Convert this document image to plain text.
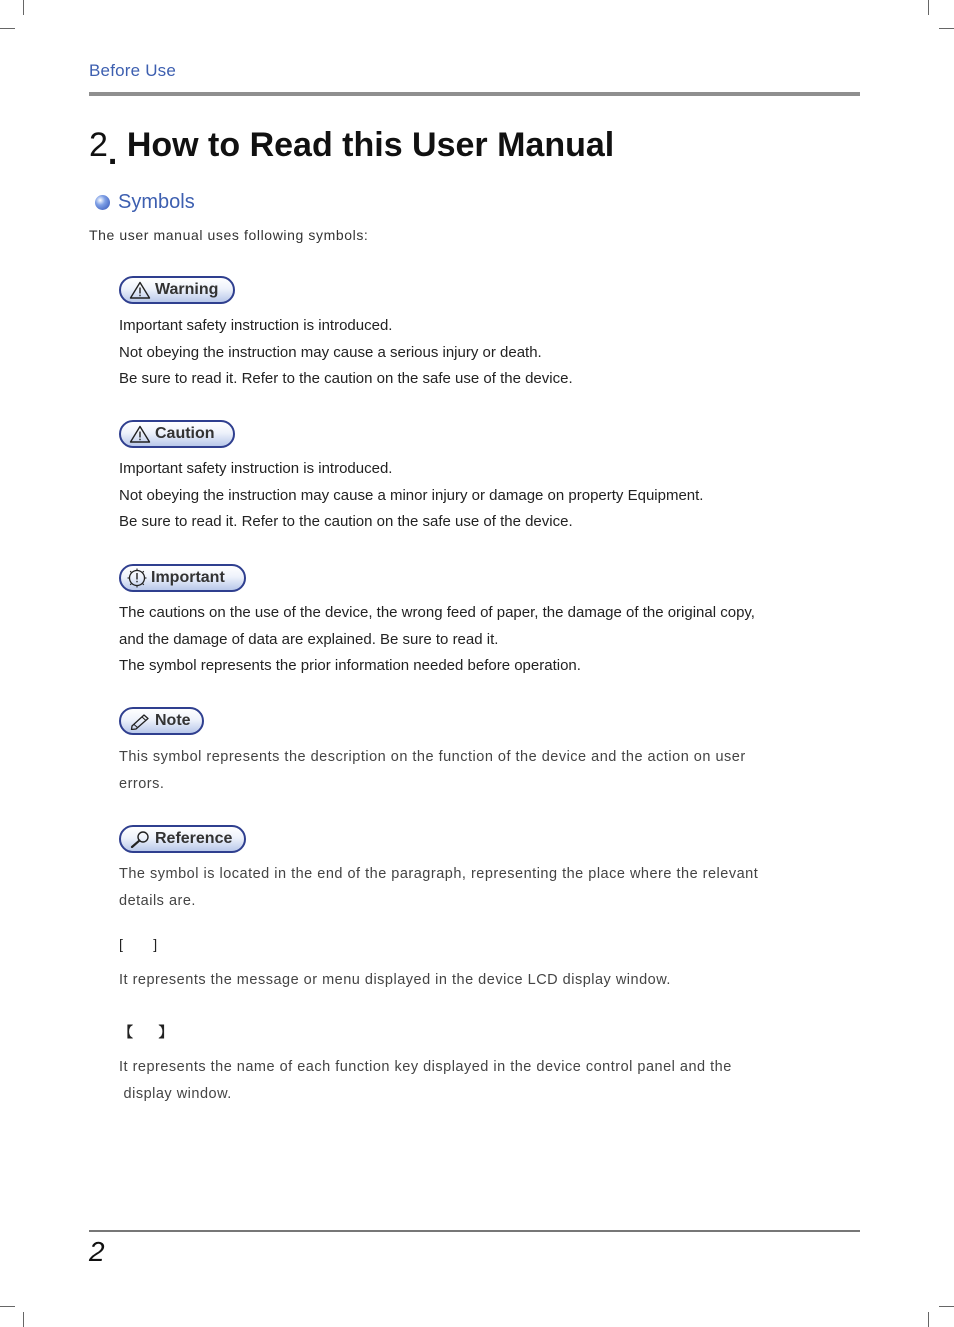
Before Use
2. How to Read this User Manual
Symbols
The user manual uses following symbols:
Warning
Important safety instruction is introduced.
Not obeying the instruction may cause a serious injury or death.
Be sure to read it. Refer to the caution on the safe use of the device.
Caution
Important safety instruction is introduced.
Not obeying the instruction may cause a minor injury or damage on property Equipment.
Be sure to read it. Refer to the caution on the safe use of the device.
Important
The cautions on the use of the device, the wrong feed of paper, the damage of the original copy,
and the damage of data are explained. Be sure to read it.
The symbol represents the prior information needed before operation.
Note
This symbol represents the description on the function of the device and the action on user
errors.
Reference
The symbol is located in the end of the paragraph, representing the place where the relevant
details are.
[      ]
It represents the message or menu displayed in the device LCD display window.
【     】
It represents the name of each function key displayed in the device control panel and the
display window.
2
